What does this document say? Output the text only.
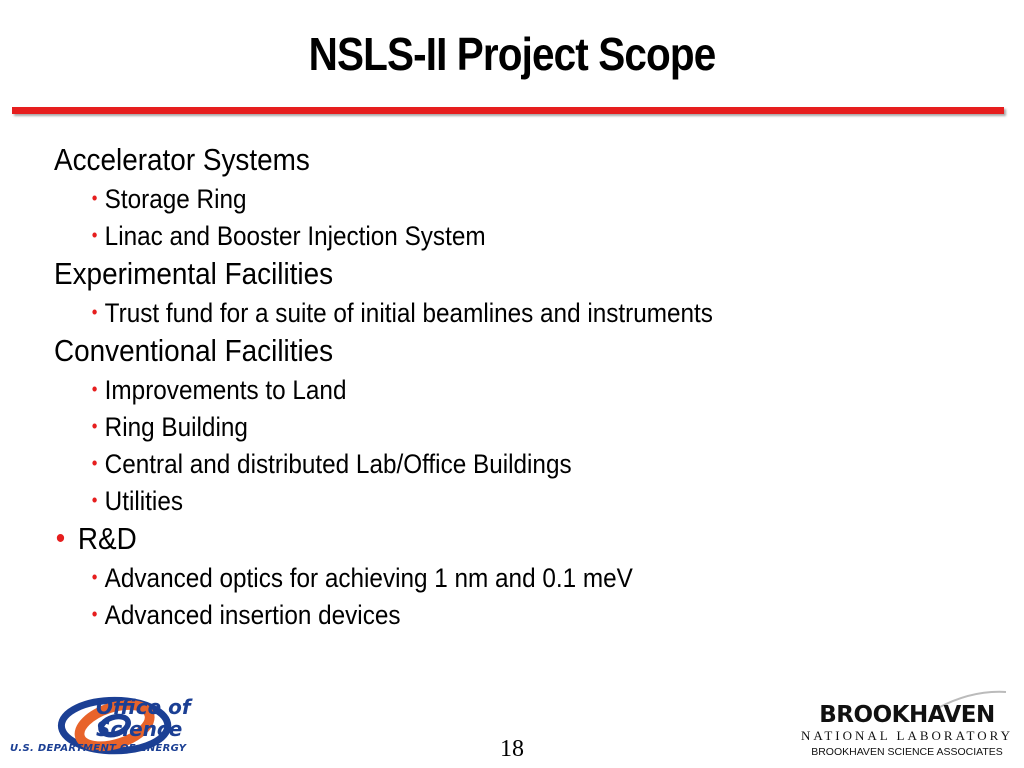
NSLS-II Project Scope
Accelerator Systems
• Storage Ring
• Linac and Booster Injection System
Experimental Facilities
• Trust fund for a suite of initial beamlines and instruments
Conventional Facilities
• Improvements to Land
• Ring Building
• Central and distributed Lab/Office Buildings
• Utilities
• R&D
• Advanced optics for achieving 1 nm and 0.1 meV
• Advanced insertion devices
Office of
Science
U.S. DEPARTMENT OF ENERGY	18
BROOKHAVEN
NATIONAL LABORATORY
BROOKHAVEN SCIENCE ASSOCIATES
